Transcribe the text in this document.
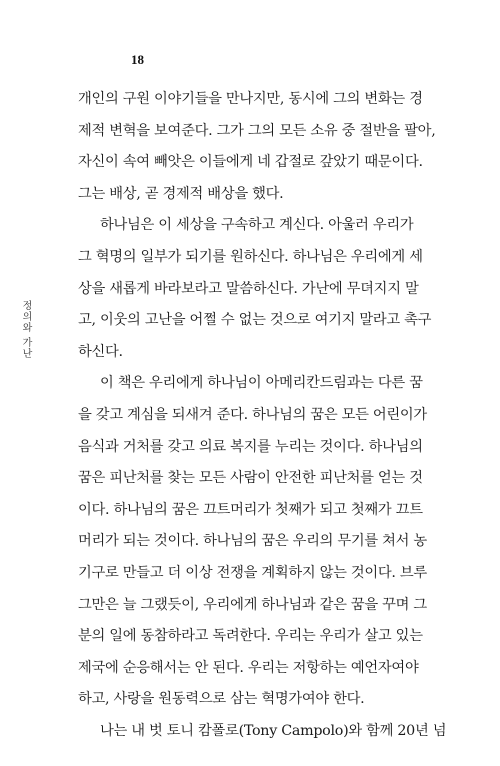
18
정의와 가난
개인의 구원 이야기들을 만나지만, 동시에 그의 변화는 경
제적 변혁을 보여준다. 그가 그의 모든 소유 중 절반을 팔아,
자신이 속여 빼앗은 이들에게 네 갑절로 갚았기 때문이다.
그는 배상, 곧 경제적 배상을 했다.
하나님은 이 세상을 구속하고 계신다. 아울러 우리가
그 혁명의 일부가 되기를 원하신다. 하나님은 우리에게 세
상을 새롭게 바라보라고 말씀하신다. 가난에 무뎌지지 말
고, 이웃의 고난을 어쩔 수 없는 것으로 여기지 말라고 촉구
하신다.
이 책은 우리에게 하나님이 아메리칸드림과는 다른 꿈
을 갖고 계심을 되새겨 준다. 하나님의 꿈은 모든 어린이가
음식과 거처를 갖고 의료 복지를 누리는 것이다. 하나님의
꿈은 피난처를 찾는 모든 사람이 안전한 피난처를 얻는 것
이다. 하나님의 꿈은 끄트머리가 첫째가 되고 첫째가 끄트
머리가 되는 것이다. 하나님의 꿈은 우리의 무기를 쳐서 농
기구로 만들고 더 이상 전쟁을 계획하지 않는 것이다. 브루
그만은 늘 그랬듯이, 우리에게 하나님과 같은 꿈을 꾸며 그
분의 일에 동참하라고 독려한다. 우리는 우리가 살고 있는
제국에 순응해서는 안 된다. 우리는 저항하는 예언자여야
하고, 사랑을 원동력으로 삼는 혁명가여야 한다.
나는 내 벗 토니 캄폴로(Tony Campolo)와 함께 20년 넘
